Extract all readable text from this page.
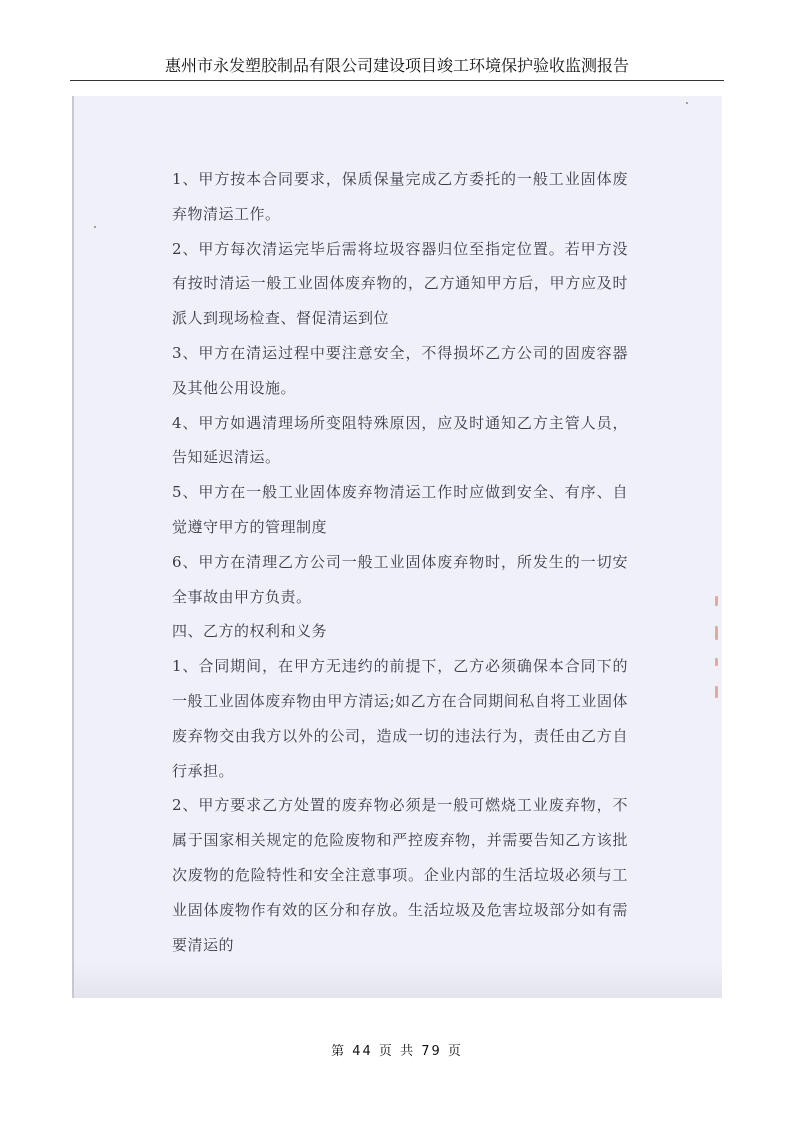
惠州市永发塑胶制品有限公司建设项目竣工环境保护验收监测报告

1、甲方按本合同要求，保质保量完成乙方委托的一般工业固体废弃物清运工作。

2、甲方每次清运完毕后需将垃圾容器归位至指定位置。若甲方没有按时清运一般工业固体废弃物的，乙方通知甲方后，甲方应及时派人到现场检查、督促清运到位

3、甲方在清运过程中要注意安全，不得损坏乙方公司的固废容器及其他公用设施。

4、甲方如遇清理场所变阻特殊原因，应及时通知乙方主管人员，告知延迟清运。

5、甲方在一般工业固体废弃物清运工作时应做到安全、有序、自觉遵守甲方的管理制度

6、甲方在清理乙方公司一般工业固体废弃物时，所发生的一切安全事故由甲方负责。

四、乙方的权利和义务

1、合同期间，在甲方无违约的前提下，乙方必须确保本合同下的一般工业固体废弃物由甲方清运;如乙方在合同期间私自将工业固体废弃物交由我方以外的公司，造成一切的违法行为，责任由乙方自行承担。

2、甲方要求乙方处置的废弃物必须是一般可燃烧工业废弃物，不属于国家相关规定的危险废物和严控废弃物，并需要告知乙方该批次废物的危险特性和安全注意事项。企业内部的生活垃圾必须与工业固体废物作有效的区分和存放。生活垃圾及危害垃圾部分如有需要清运的

第 44 页 共 79 页
